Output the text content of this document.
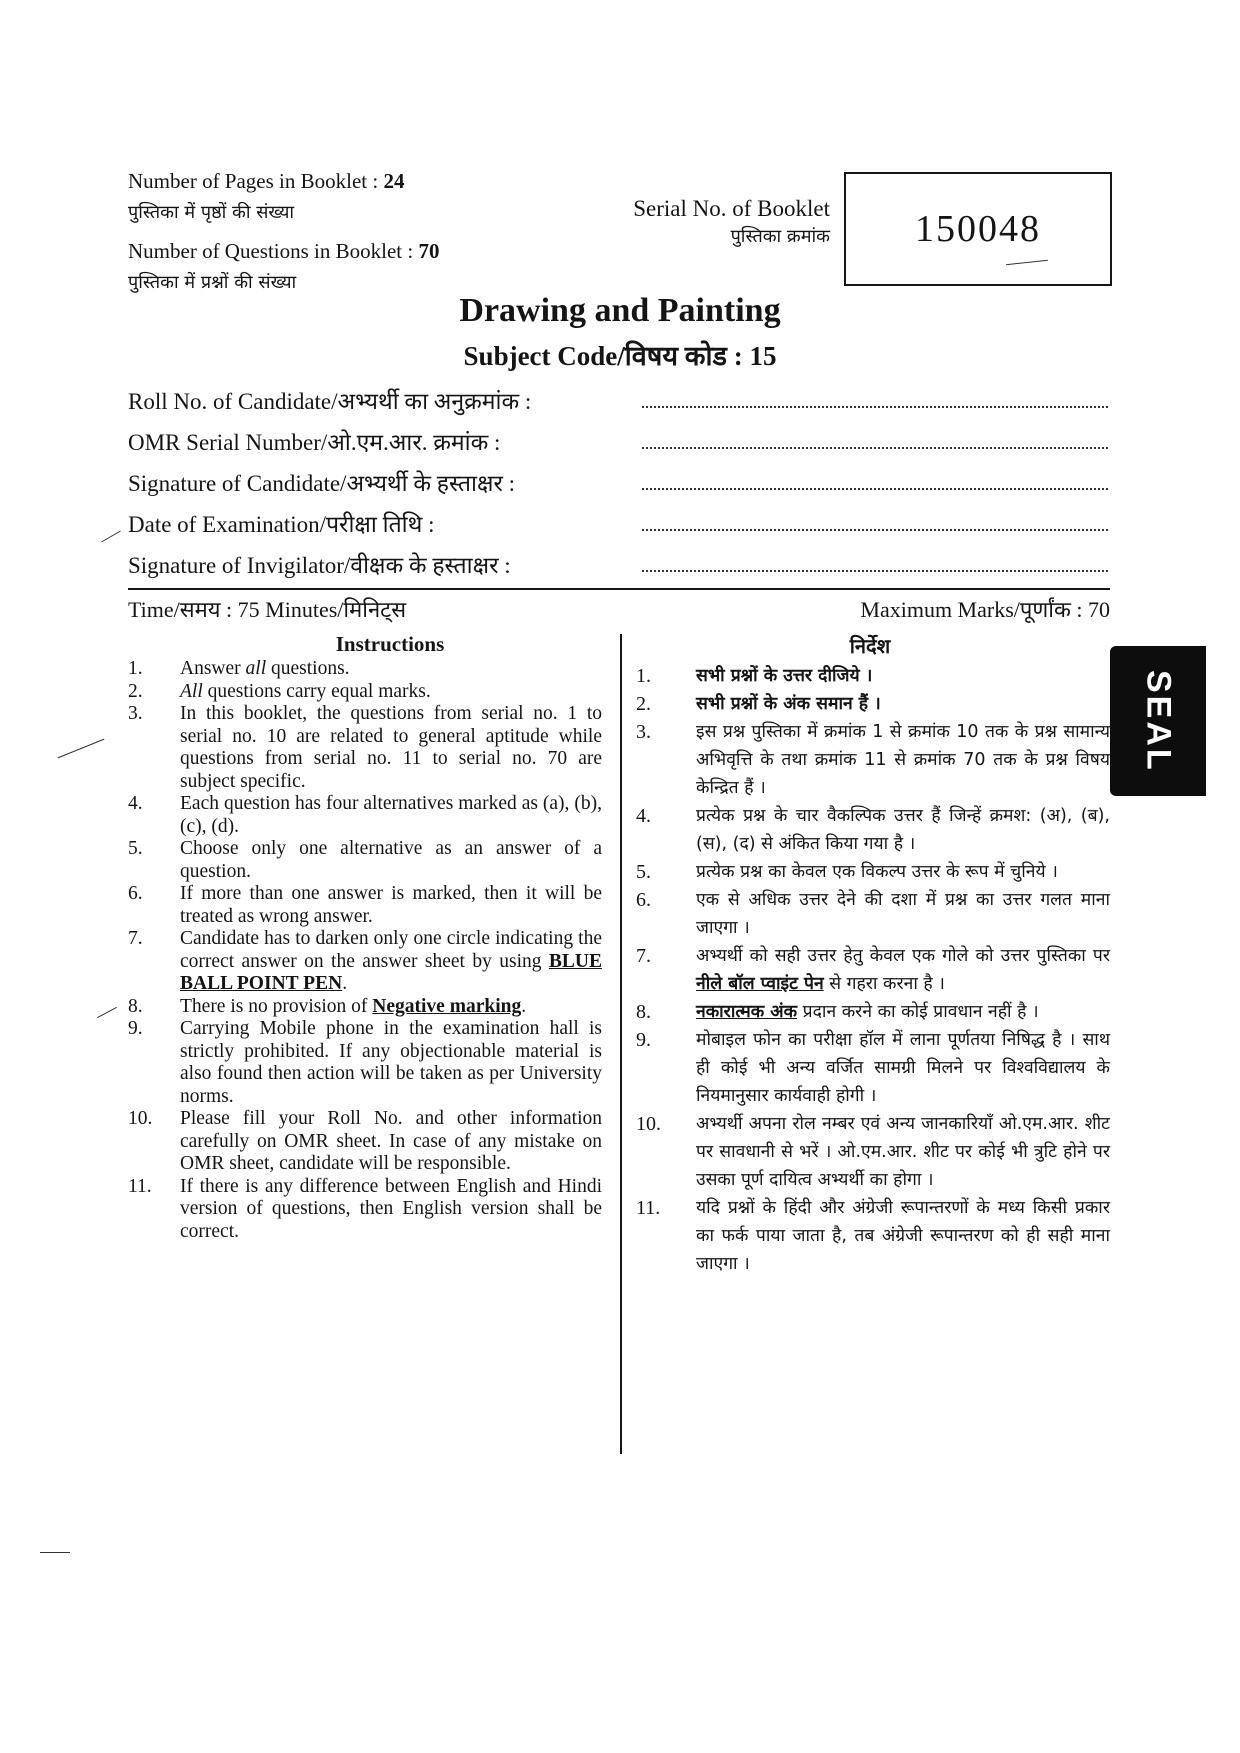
Number of Pages in Booklet : 24
पुस्तिका में पृष्ठों की संख्या
Number of Questions in Booklet : 70
पुस्तिका में प्रश्नों की संख्या
Serial No. of Booklet
पुस्तिका क्रमांक 150048
Drawing and Painting
Subject Code/विषय कोड : 15
Roll No. of Candidate/अभ्यर्थी का अनुक्रमांक :
OMR Serial Number/ओ.एम.आर. क्रमांक :
Signature of Candidate/अभ्यर्थी के हस्ताक्षर :
Date of Examination/परीक्षा तिथि :
Signature of Invigilator/वीक्षक के हस्ताक्षर :
Time/समय : 75 Minutes/मिनिट्स	Maximum Marks/पूर्णांक : 70
Instructions	निर्देश
1.	Answer all questions.
2.	All questions carry equal marks.
3.	In this booklet, the questions from serial no. 1 to serial no. 10 are related to general aptitude while questions from serial no. 11 to serial no. 70 are subject specific.
4.	Each question has four alternatives marked as (a), (b), (c), (d).
5.	Choose only one alternative as an answer of a question.
6.	If more than one answer is marked, then it will be treated as wrong answer.
7.	Candidate has to darken only one circle indicating the correct answer on the answer sheet by using BLUE BALL POINT PEN.
8.	There is no provision of Negative marking.
9.	Carrying Mobile phone in the examination hall is strictly prohibited. If any objectionable material is also found then action will be taken as per University norms.
10.	Please fill your Roll No. and other information carefully on OMR sheet. In case of any mistake on OMR sheet, candidate will be responsible.
11.	If there is any difference between English and Hindi version of questions, then English version shall be correct.
1.	सभी प्रश्नों के उत्तर दीजिये ।
2.	सभी प्रश्नों के अंक समान हैं ।
3.	इस प्रश्न पुस्तिका में क्रमांक 1 से क्रमांक 10 तक के प्रश्न सामान्य अभिवृत्ति के तथा क्रमांक 11 से क्रमांक 70 तक के प्रश्न विषय केन्द्रित हैं ।
4.	प्रत्येक प्रश्न के चार वैकल्पिक उत्तर हैं जिन्हें क्रमश: (अ), (ब), (स), (द) से अंकित किया गया है ।
5.	प्रत्येक प्रश्न का केवल एक विकल्प उत्तर के रूप में चुनिये ।
6.	एक से अधिक उत्तर देने की दशा में प्रश्न का उत्तर गलत माना जाएगा ।
7.	अभ्यर्थी को सही उत्तर हेतु केवल एक गोले को उत्तर पुस्तिका पर नीले बॉल प्वाइंट पेन से गहरा करना है ।
8.	नकारात्मक अंक प्रदान करने का कोई प्रावधान नहीं है ।
9.	मोबाइल फोन का परीक्षा हॉल में लाना पूर्णतया निषिद्ध है । साथ ही कोई भी अन्य वर्जित सामग्री मिलने पर विश्वविद्यालय के नियमानुसार कार्यवाही होगी ।
10.	अभ्यर्थी अपना रोल नम्बर एवं अन्य जानकारियाँ ओ.एम.आर. शीट पर सावधानी से भरें । ओ.एम.आर. शीट पर कोई भी त्रुटि होने पर उसका पूर्ण दायित्व अभ्यर्थी का होगा ।
11.	यदि प्रश्नों के हिंदी और अंग्रेजी रूपान्तरणों के मध्य किसी प्रकार का फर्क पाया जाता है, तब अंग्रेजी रूपान्तरण को ही सही माना जाएगा ।
SEAL
